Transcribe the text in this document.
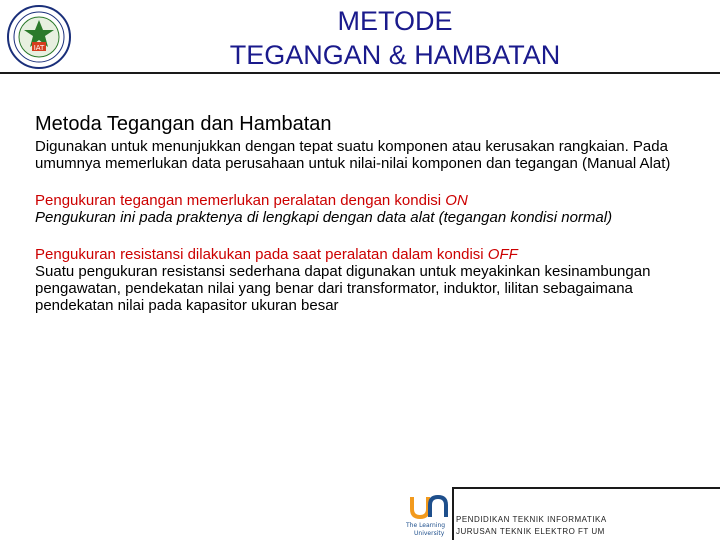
IAT
METODE
TEGANGAN & HAMBATAN
Metoda Tegangan dan Hambatan

Digunakan untuk menunjukkan dengan tepat suatu komponen atau kerusakan rangkaian. Pada umumnya memerlukan data perusahaan untuk nilai-nilai komponen dan tegangan (Manual Alat)

Pengukuran tegangan memerlukan peralatan dengan kondisi ON

Pengukuran ini pada praktenya di lengkapi dengan data alat (tegangan kondisi normal)

Pengukuran resistansi dilakukan pada saat peralatan dalam kondisi OFF

Suatu pengukuran resistansi sederhana dapat digunakan untuk meyakinkan kesinambungan pengawatan, pendekatan nilai yang benar dari transformator, induktor, lilitan sebagaimana pendekatan nilai pada kapasitor ukuran besar

The Learning
University
PENDIDIKAN TEKNIK INFORMATIKA
JURUSAN TEKNIK ELEKTRO FT UM
